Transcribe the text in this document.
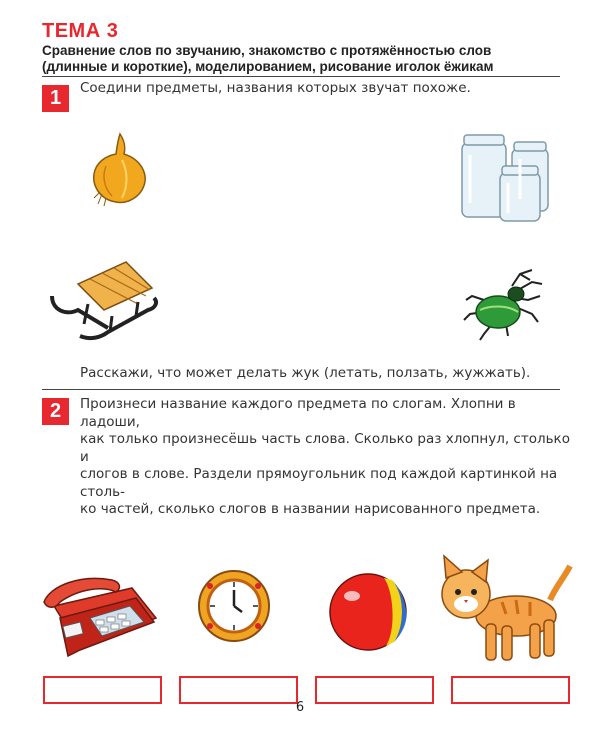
ТЕМА 3
Сравнение слов по звучанию, знакомство с протяжённостью слов
(длинные и короткие), моделированием, рисование иголок ёжикам
1	Соедини предметы, названия которых звучат похоже.
Расскажи, что может делать жук (летать, ползать, жужжать).
2	Произнеси название каждого предмета по слогам. Хлопни в ладоши,
как только произнесёшь часть слова. Сколько раз хлопнул, столько и
слогов в слове. Раздели прямоугольник под каждой картинкой на столь-
ко частей, сколько слогов в названии нарисованного предмета.
6
